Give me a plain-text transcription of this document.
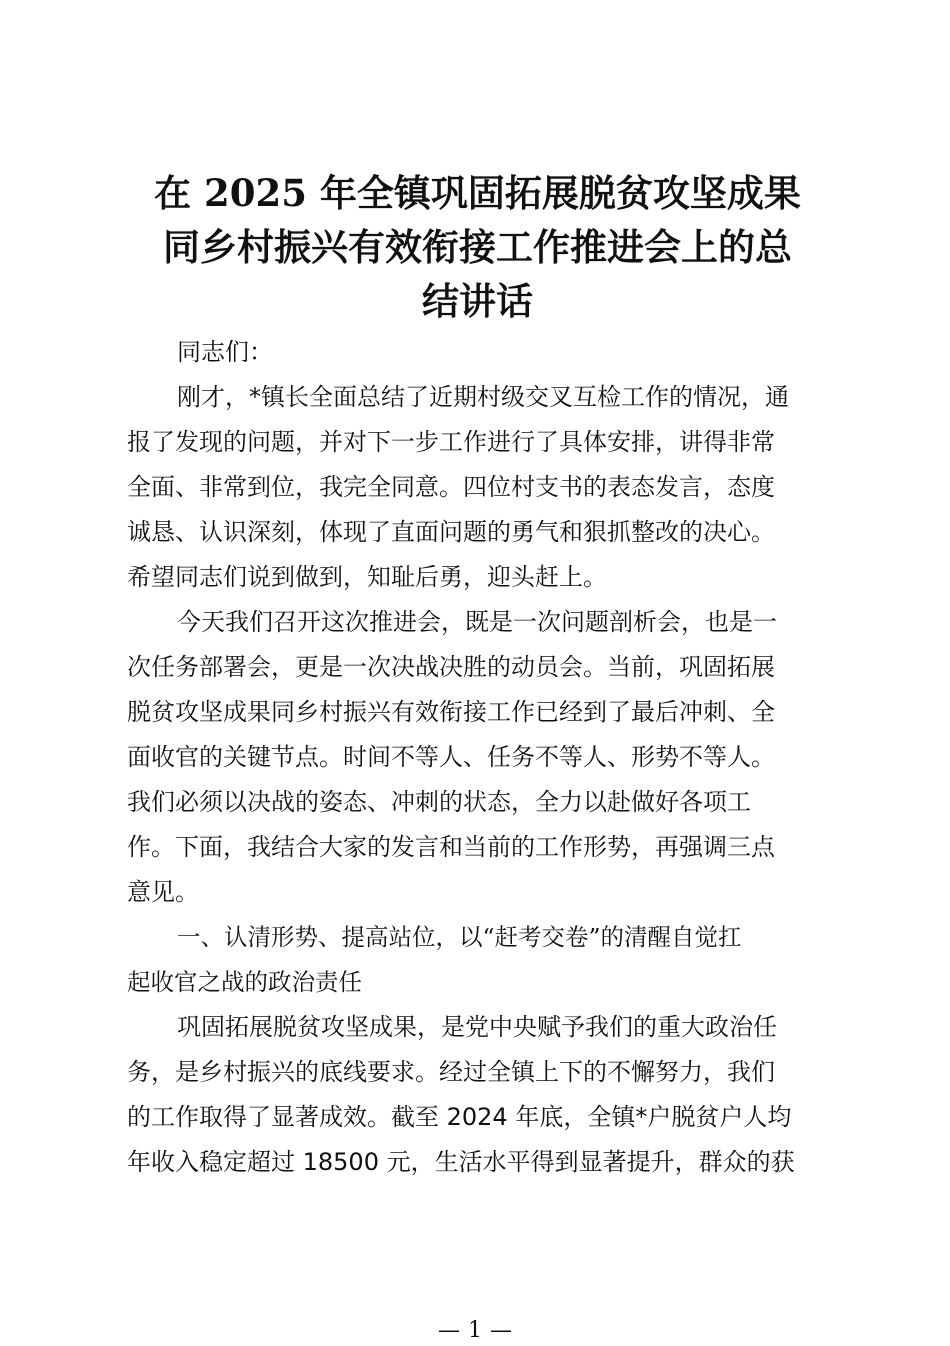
在 2025 年全镇巩固拓展脱贫攻坚成果
同乡村振兴有效衔接工作推进会上的总
结讲话
同志们：
刚才，*镇长全面总结了近期村级交叉互检工作的情况，通
报了发现的问题，并对下一步工作进行了具体安排，讲得非常
全面、非常到位，我完全同意。四位村支书的表态发言，态度
诚恳、认识深刻，体现了直面问题的勇气和狠抓整改的决心。
希望同志们说到做到，知耻后勇，迎头赶上。
今天我们召开这次推进会，既是一次问题剖析会，也是一
次任务部署会，更是一次决战决胜的动员会。当前，巩固拓展
脱贫攻坚成果同乡村振兴有效衔接工作已经到了最后冲刺、全
面收官的关键节点。时间不等人、任务不等人、形势不等人。
我们必须以决战的姿态、冲刺的状态，全力以赴做好各项工
作。下面，我结合大家的发言和当前的工作形势，再强调三点
意见。
一、认清形势、提高站位，以“赶考交卷”的清醒自觉扛
起收官之战的政治责任
巩固拓展脱贫攻坚成果，是党中央赋予我们的重大政治任
务，是乡村振兴的底线要求。经过全镇上下的不懈努力，我们
的工作取得了显著成效。截至 2024 年底，全镇*户脱贫户人均
年收入稳定超过 18500 元，生活水平得到显著提升，群众的获
— 1 —
